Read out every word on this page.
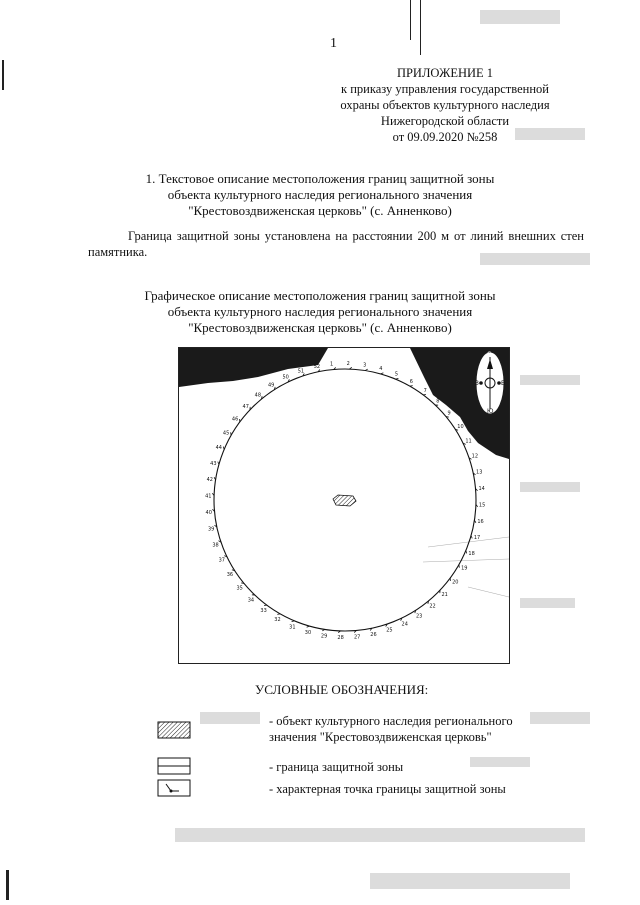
1
ПРИЛОЖЕНИЕ 1
к приказу управления государственной
охраны объектов культурного наследия
Нижегородской области
от 09.09.2020 №258
1. Текстовое описание местоположения границ защитной зоны
объекта культурного наследия регионального значения
"Крестовоздвиженская церковь" (с. Анненково)
Граница защитной зоны установлена на расстоянии 200 м от линий внешних стен памятника.
Графическое описание местоположения границ защитной зоны
объекта культурного наследия регионального значения
"Крестовоздвиженская церковь" (с. Анненково)
С
З	В
Ю
1	2	3
4
5
6
7
8
9
10
11
12
13
14
15
16
17
18
19
20
21
22
23
24
25
26
27
28
29
30
31
32
33
34
35
36
37
38
39
40
41
42
43
44
45
46
47
48
49
50
51
52
УСЛОВНЫЕ ОБОЗНАЧЕНИЯ:
- объект культурного наследия регионального
значения "Крестовоздвиженская церковь"
- граница защитной зоны
- характерная точка границы защитной зоны
